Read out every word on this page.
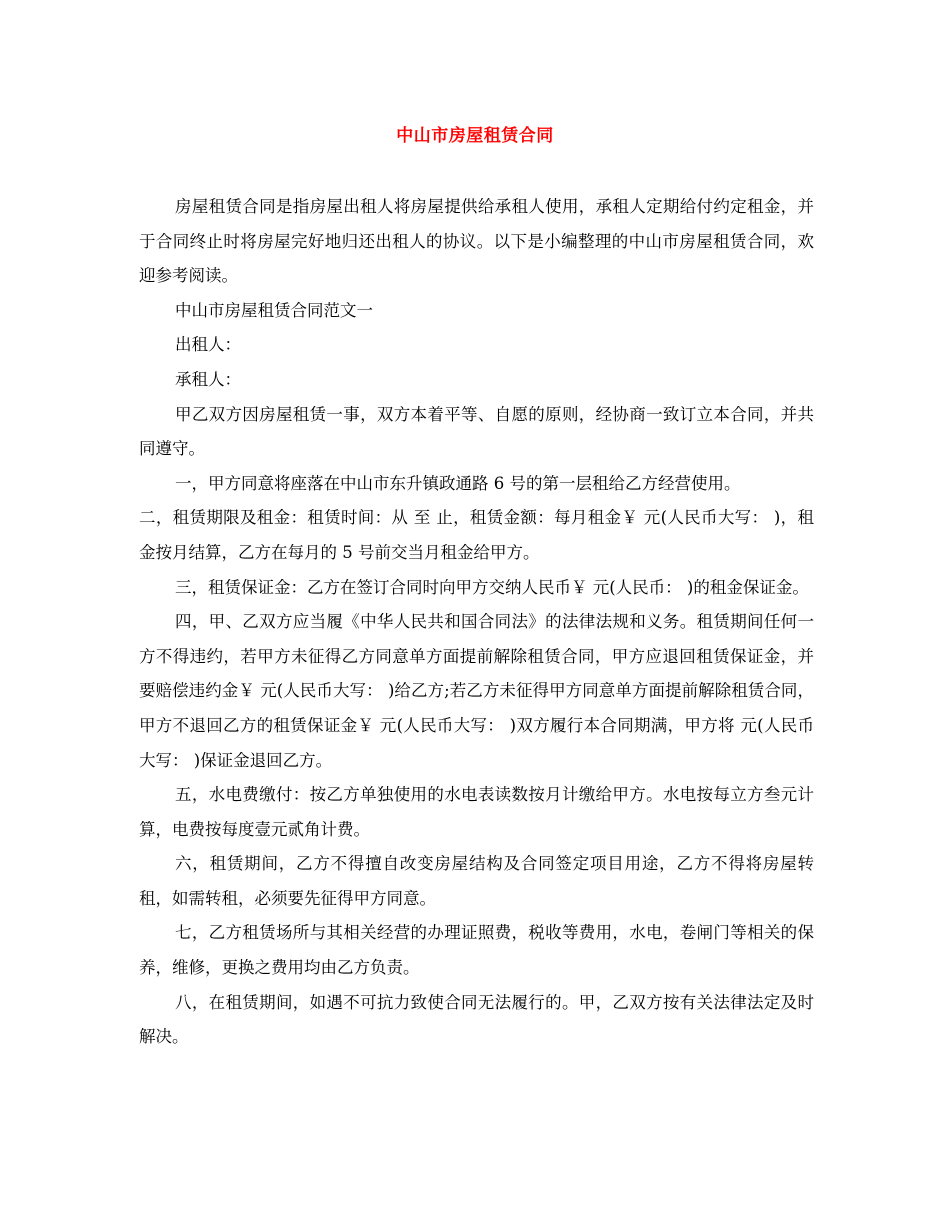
中山市房屋租赁合同

房屋租赁合同是指房屋出租人将房屋提供给承租人使用，承租人定期给付约定租金，并于合同终止时将房屋完好地归还出租人的协议。以下是小编整理的中山市房屋租赁合同，欢迎参考阅读。

中山市房屋租赁合同范文一

出租人：

承租人：

甲乙双方因房屋租赁一事，双方本着平等、自愿的原则，经协商一致订立本合同，并共同遵守。

一，甲方同意将座落在中山市东升镇政通路 6 号的第一层租给乙方经营使用。

二，租赁期限及租金：租赁时间：从 至 止，租赁金额：每月租金￥ 元(人民币大写： )，租金按月结算，乙方在每月的 5 号前交当月租金给甲方。

三，租赁保证金：乙方在签订合同时向甲方交纳人民币￥ 元(人民币： )的租金保证金。

四，甲、乙双方应当履《中华人民共和国合同法》的法律法规和义务。租赁期间任何一方不得违约，若甲方未征得乙方同意单方面提前解除租赁合同，甲方应退回租赁保证金，并要赔偿违约金￥ 元(人民币大写： )给乙方;若乙方未征得甲方同意单方面提前解除租赁合同，甲方不退回乙方的租赁保证金￥ 元(人民币大写： )双方履行本合同期满，甲方将 元(人民币大写： )保证金退回乙方。

五，水电费缴付：按乙方单独使用的水电表读数按月计缴给甲方。水电按每立方叁元计算，电费按每度壹元贰角计费。

六，租赁期间，乙方不得擅自改变房屋结构及合同签定项目用途，乙方不得将房屋转租，如需转租，必须要先征得甲方同意。

七，乙方租赁场所与其相关经营的办理证照费，税收等费用，水电，卷闸门等相关的保养，维修，更换之费用均由乙方负责。

八，在租赁期间，如遇不可抗力致使合同无法履行的。甲，乙双方按有关法律法定及时解决。
